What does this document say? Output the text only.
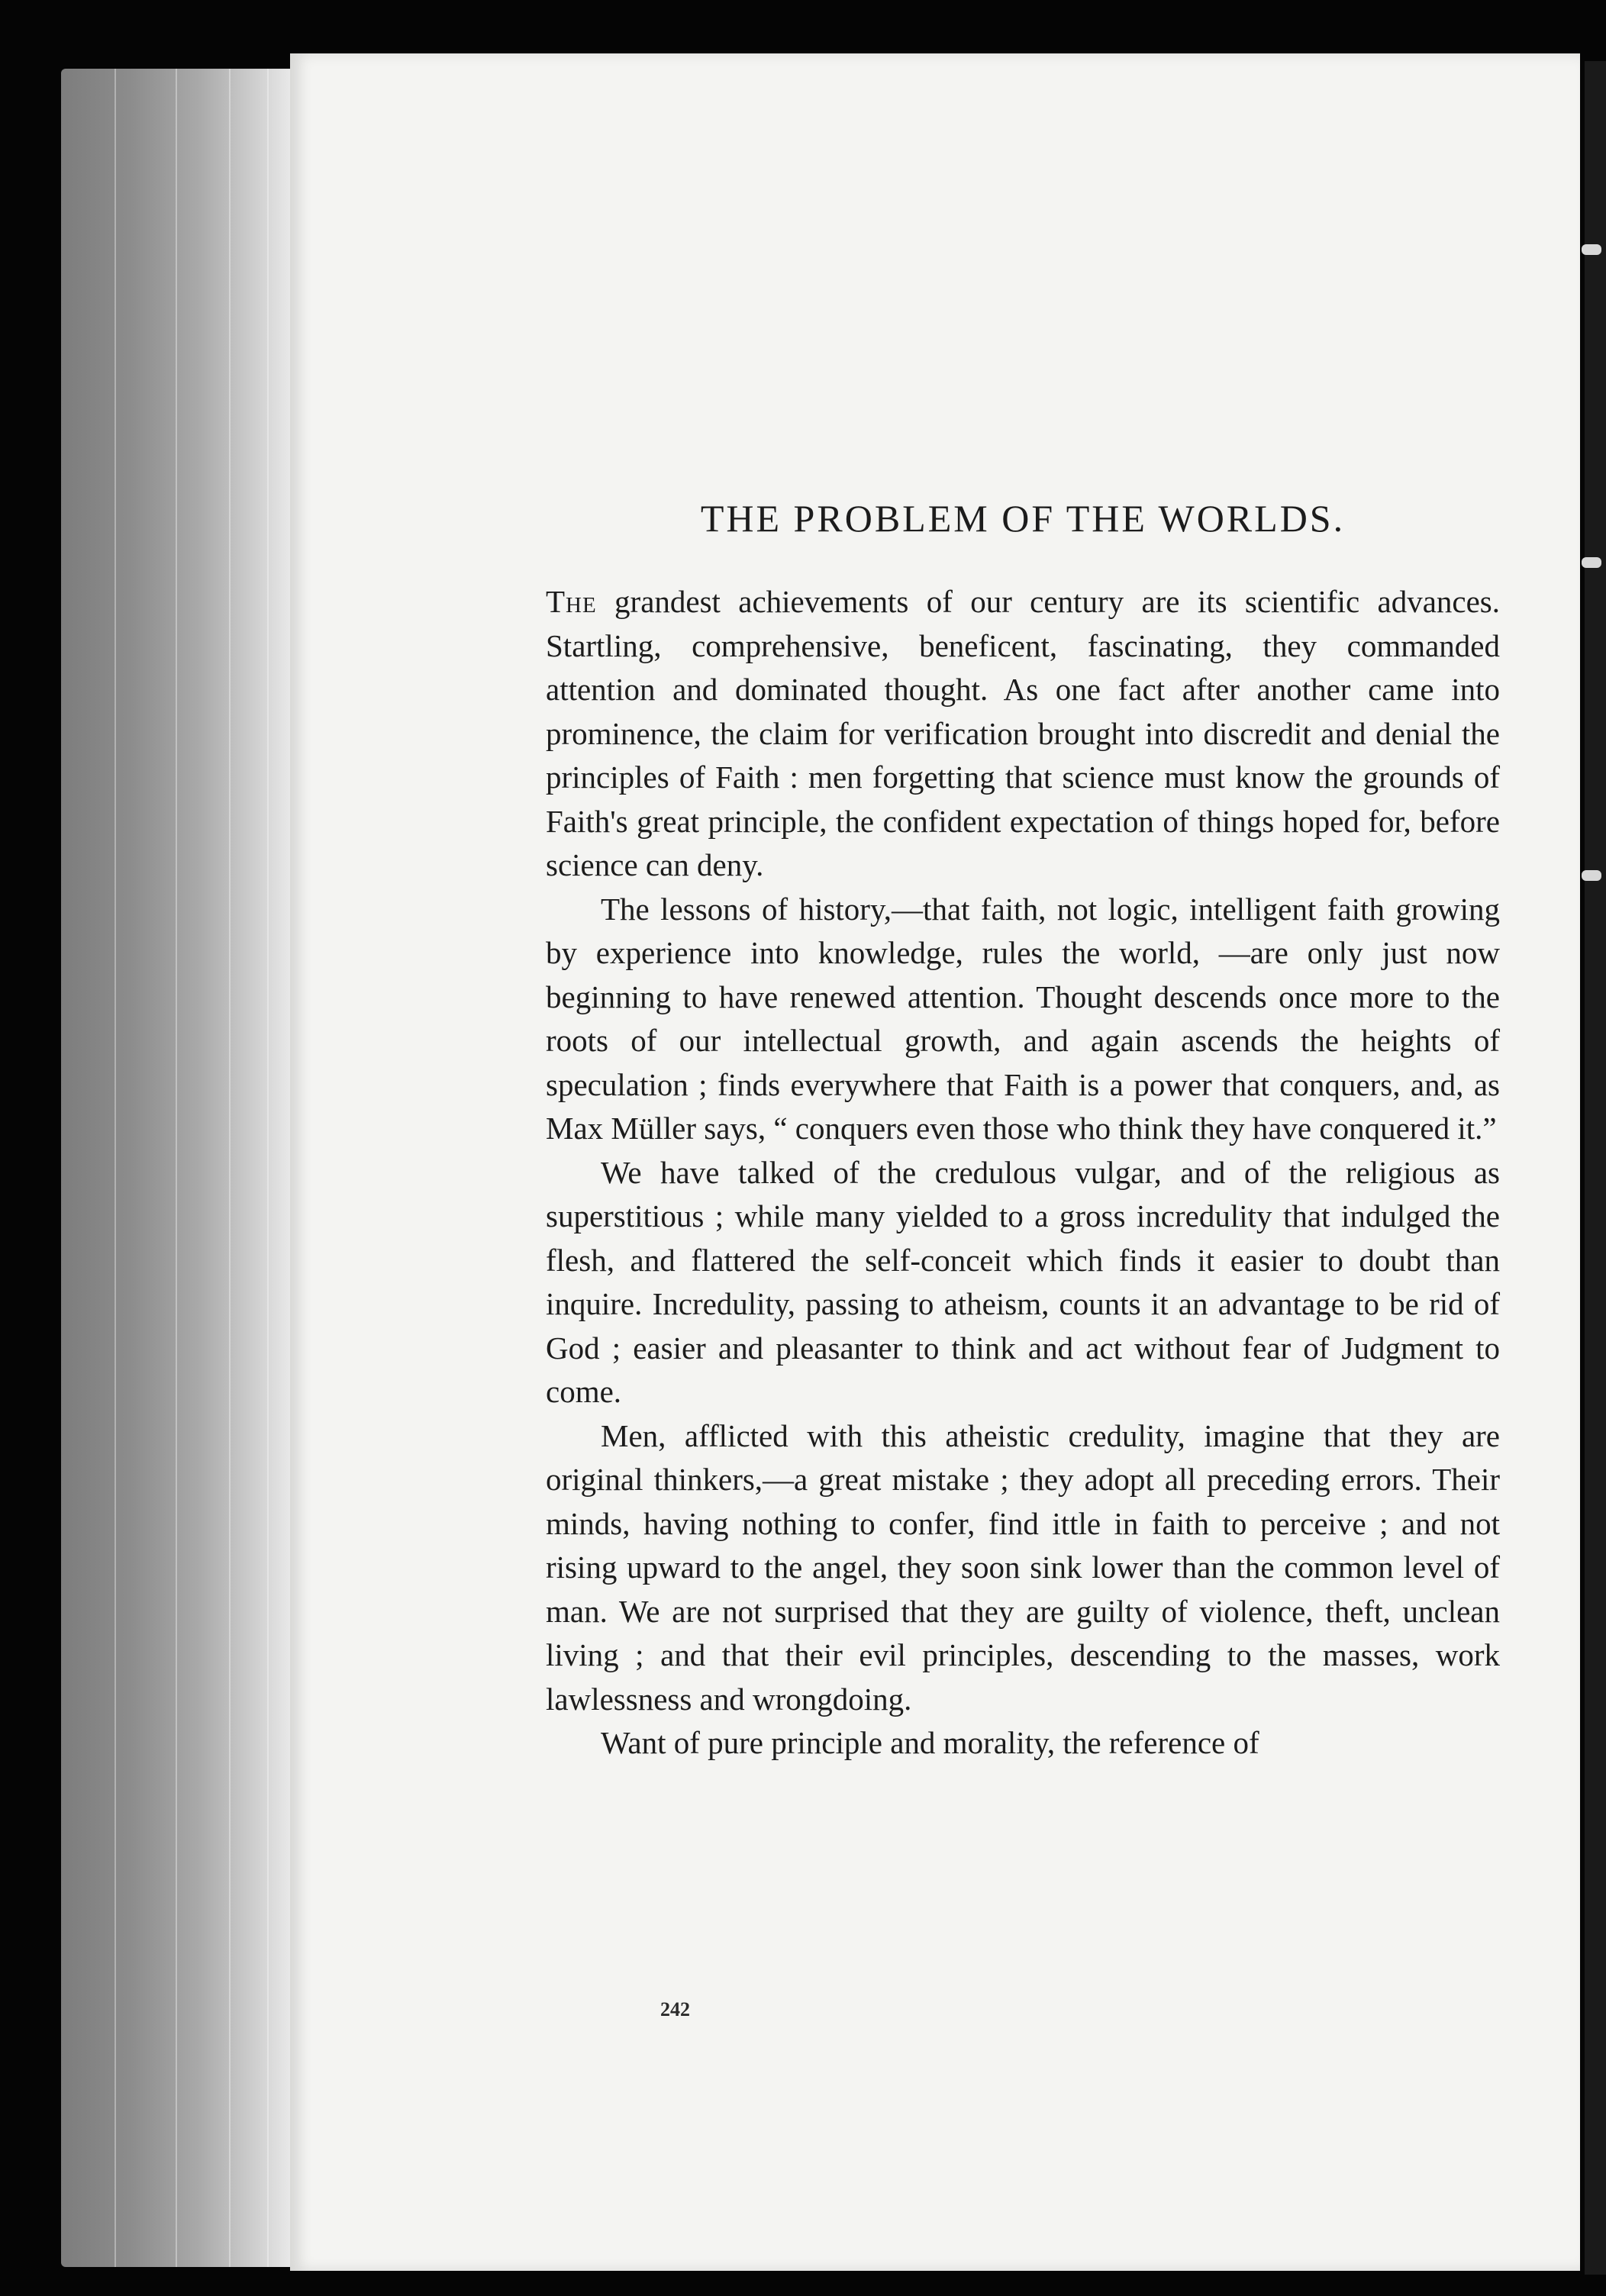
THE PROBLEM OF THE WORLDS.

The grandest achievements of our century are its scientific advances. Startling, comprehensive, beneficent, fascinating, they commanded attention and dominated thought. As one fact after another came into prominence, the claim for verification brought into discredit and denial the principles of Faith : men forgetting that science must know the grounds of Faith's great principle, the confident expectation of things hoped for, before science can deny.

The lessons of history,—that faith, not logic, intelligent faith growing by experience into knowledge, rules the world, —are only just now beginning to have renewed attention. Thought descends once more to the roots of our intellectual growth, and again ascends the heights of speculation ; finds everywhere that Faith is a power that conquers, and, as Max Müller says, “ conquers even those who think they have conquered it.”

We have talked of the credulous vulgar, and of the religious as superstitious ; while many yielded to a gross incredulity that indulged the flesh, and flattered the self-conceit which finds it easier to doubt than inquire. Incredulity, passing to atheism, counts it an advantage to be rid of God ; easier and pleasanter to think and act without fear of Judgment to come.

Men, afflicted with this atheistic credulity, imagine that they are original thinkers,—a great mistake ; they adopt all preceding errors. Their minds, having nothing to confer, find ittle in faith to perceive ; and not rising upward to the angel, they soon sink lower than the common level of man. We are not surprised that they are guilty of violence, theft, unclean living ; and that their evil principles, descending to the masses, work lawlessness and wrongdoing.

Want of pure principle and morality, the reference of

242
